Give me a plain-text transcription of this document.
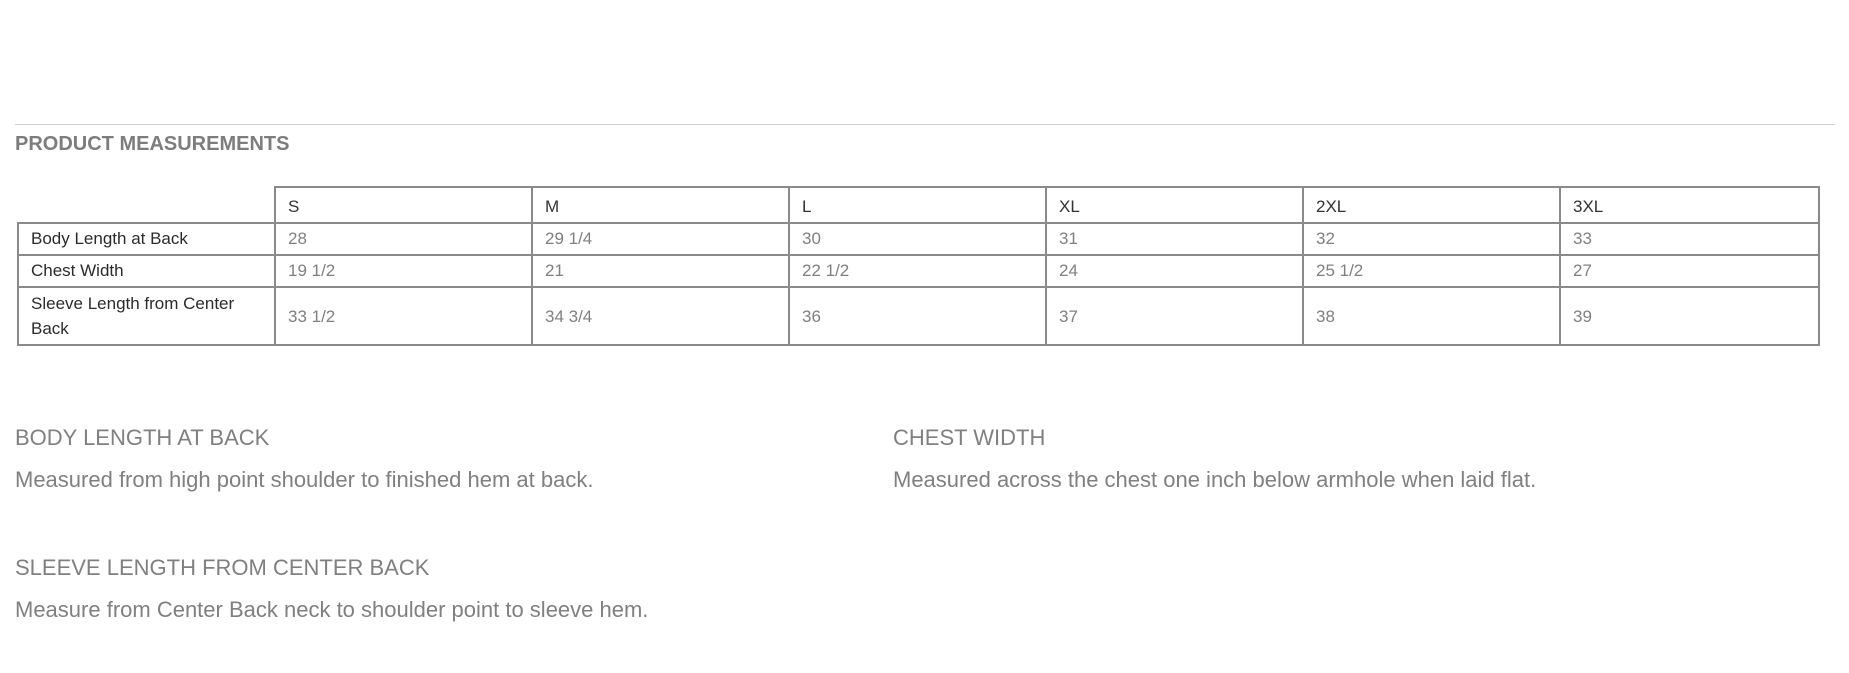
PRODUCT MEASUREMENTS
	S	M	L	XL	2XL	3XL
Body Length at Back	28	29 1/4	30	31	32	33
Chest Width	19 1/2	21	22 1/2	24	25 1/2	27
Sleeve Length from Center Back	33 1/2	34 3/4	36	37	38	39
BODY LENGTH AT BACK
Measured from high point shoulder to finished hem at back.
CHEST WIDTH
Measured across the chest one inch below armhole when laid flat.
SLEEVE LENGTH FROM CENTER BACK
Measure from Center Back neck to shoulder point to sleeve hem.
